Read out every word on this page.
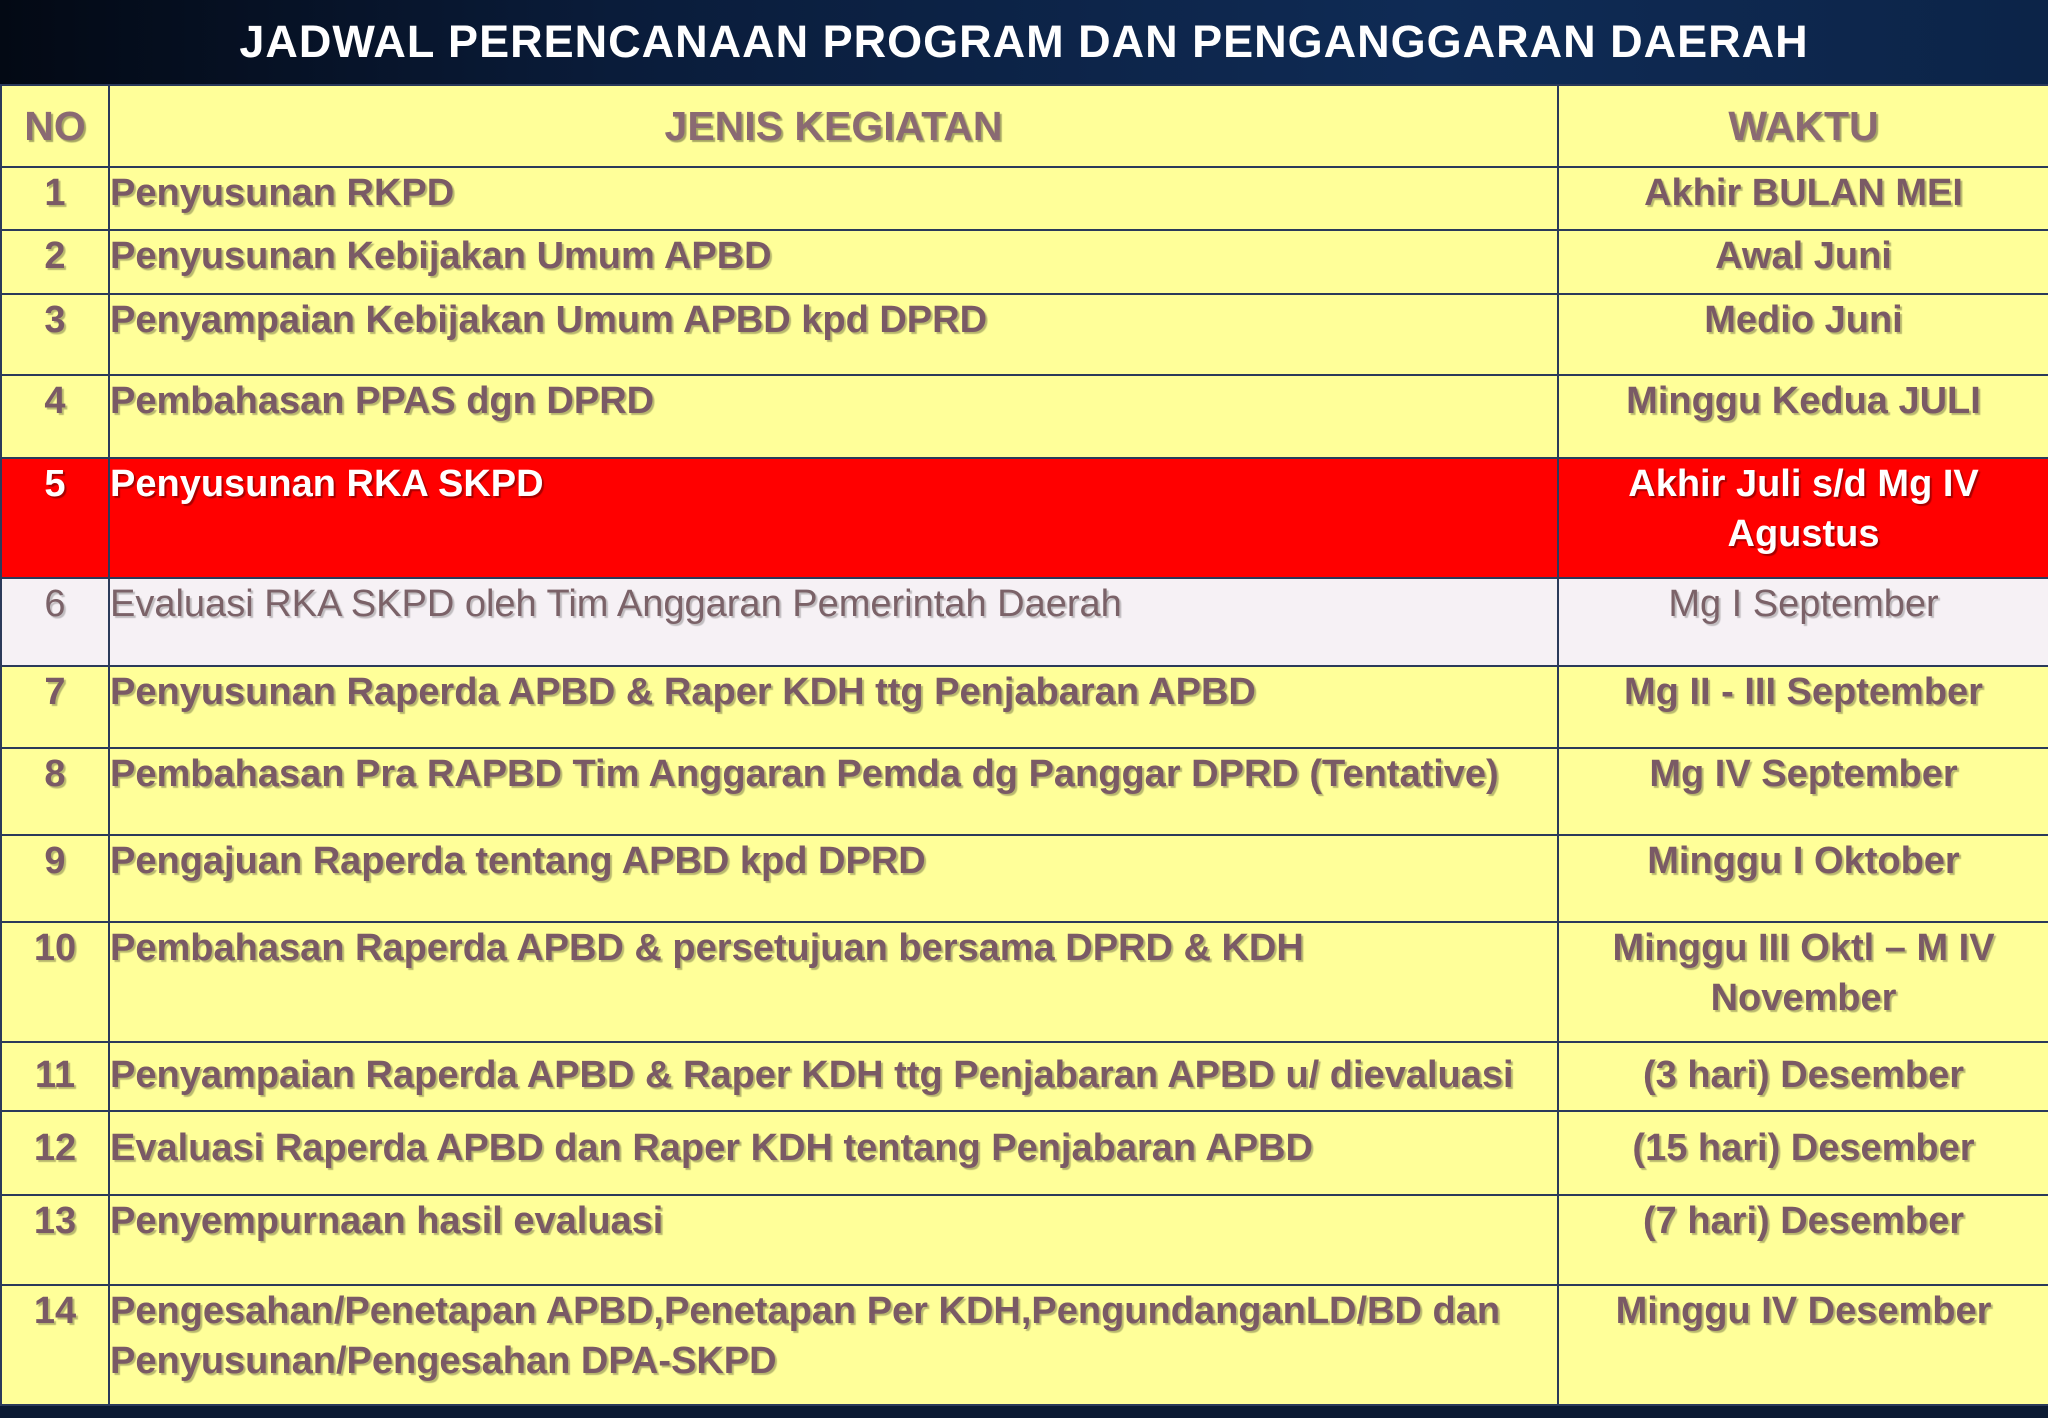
JADWAL PERENCANAAN PROGRAM DAN PENGANGGARAN DAERAH
NO	JENIS KEGIATAN	WAKTU
1	Penyusunan RKPD	Akhir BULAN MEI
2	Penyusunan Kebijakan Umum APBD	Awal Juni
3	Penyampaian Kebijakan Umum APBD kpd DPRD	Medio Juni
4	Pembahasan PPAS dgn DPRD	Minggu Kedua JULI
5	Penyusunan RKA SKPD	Akhir Juli s/d Mg IV Agustus
6	Evaluasi RKA SKPD oleh Tim Anggaran Pemerintah Daerah	Mg I September
7	Penyusunan Raperda APBD & Raper KDH ttg Penjabaran APBD	Mg II - III September
8	Pembahasan Pra RAPBD Tim Anggaran Pemda dg Panggar DPRD (Tentative)	Mg IV September
9	Pengajuan Raperda tentang APBD kpd DPRD	Minggu I Oktober
10	Pembahasan Raperda APBD & persetujuan bersama DPRD & KDH	Minggu III Oktl – M IV November
11	Penyampaian Raperda APBD & Raper KDH ttg Penjabaran APBD u/ dievaluasi	(3 hari) Desember
12	Evaluasi Raperda APBD dan Raper KDH tentang Penjabaran APBD	(15 hari) Desember
13	Penyempurnaan hasil evaluasi	(7 hari) Desember
14	Pengesahan/Penetapan APBD,Penetapan Per KDH,PengundanganLD/BD dan Penyusunan/Pengesahan DPA-SKPD	Minggu IV Desember
